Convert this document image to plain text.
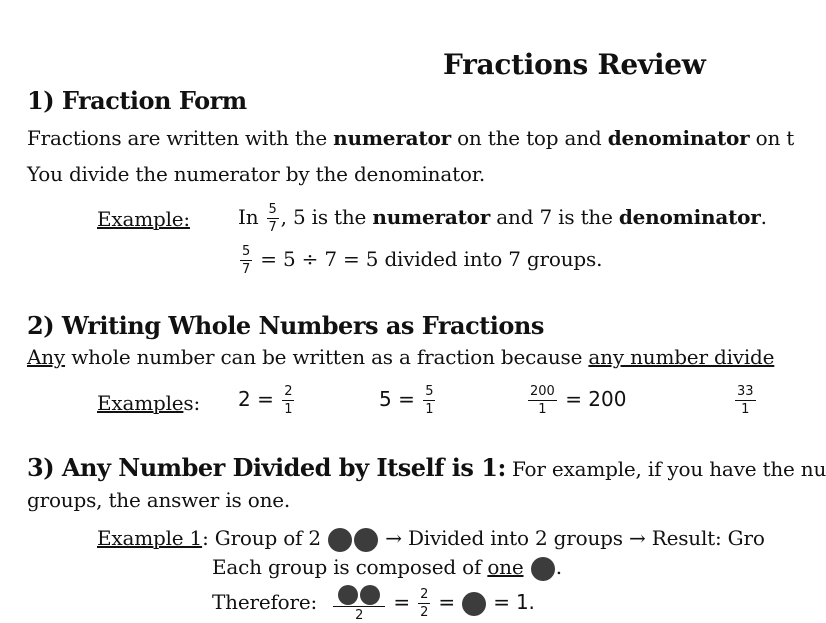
Fractions Review
1) Fraction Form
Fractions are written with the numerator on the top and denominator on t
You divide the numerator by the denominator.
Example: In $\frac{5}{7}$ , 5 is the numerator and 7 is the denominator.
$\frac{5}{7} = 5 \div 7 = 5$ divided into 7 groups.
2) Writing Whole Numbers as Fractions
Any whole number can be written as a fraction because any number divide
Examples: $2 = \frac{2}{1}$	$5 = \frac{5}{1}$	$\frac{200}{1} = 200$	$\frac{33}{1}$
3) Any Number Divided by Itself is 1: For example, if you have the nu
groups, the answer is one.
Example 1: Group of 2	→ Divided into 2 groups → Result: Gro
Each group is composed of one .
Therefore:
2
= $\frac{2}{2}$ = = 1.
